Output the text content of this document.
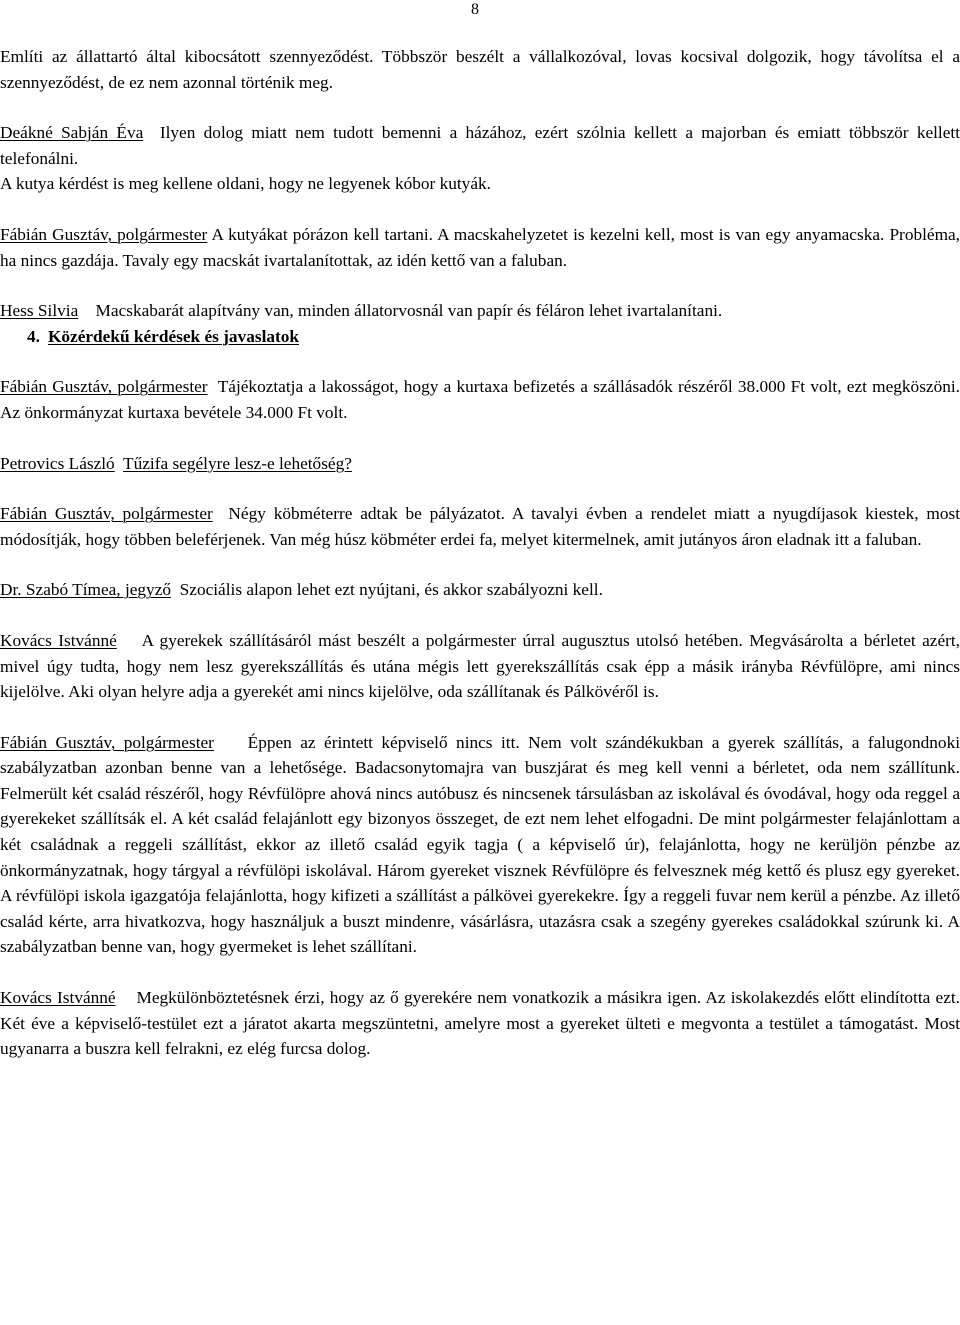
8

Említi az állattartó által kibocsátott szennyeződést. Többször beszélt a vállalkozóval, lovas kocsival dolgozik, hogy távolítsa el a szennyeződést, de ez nem azonnal történik meg.

Deákné Sabján Éva Ilyen dolog miatt nem tudott bemenni a házához, ezért szólnia kellett a majorban és emiatt többször kellett telefonálni.
A kutya kérdést is meg kellene oldani, hogy ne legyenek kóbor kutyák.

Fábián Gusztáv, polgármester A kutyákat pórázon kell tartani. A macskahelyzetet is kezelni kell, most is van egy anyamacska. Probléma, ha nincs gazdája. Tavaly egy macskát ivartalanítottak, az idén kettő van a faluban.

Hess Silvia Macskabarát alapítvány van, minden állatorvosnál van papír és féláron lehet ivartalanítani.

4. Közérdekű kérdések és javaslatok

Fábián Gusztáv, polgármester Tájékoztatja a lakosságot, hogy a kurtaxa befizetés a szállásadók részéről 38.000 Ft volt, ezt megköszöni. Az önkormányzat kurtaxa bevétele 34.000 Ft volt.

Petrovics László Tűzifa segélyre lesz-e lehetőség?

Fábián Gusztáv, polgármester Négy köbméterre adtak be pályázatot. A tavalyi évben a rendelet miatt a nyugdíjasok kiestek, most módosítják, hogy többen beleférjenek. Van még húsz köbméter erdei fa, melyet kitermelnek, amit jutányos áron eladnak itt a faluban.

Dr. Szabó Tímea, jegyző Szociális alapon lehet ezt nyújtani, és akkor szabályozni kell.

Kovács Istvánné A gyerekek szállításáról mást beszélt a polgármester úrral augusztus utolsó hetében. Megvásárolta a bérletet azért, mivel úgy tudta, hogy nem lesz gyerekszállítás és utána mégis lett gyerekszállítás csak épp a másik irányba Révfülöpre, ami nincs kijelölve. Aki olyan helyre adja a gyerekét ami nincs kijelölve, oda szállítanak és Pálkövéről is.

Fábián Gusztáv, polgármester Éppen az érintett képviselő nincs itt. Nem volt szándékukban a gyerek szállítás, a falugondnoki szabályzatban azonban benne van a lehetősége. Badacsonytomajra van buszjárat és meg kell venni a bérletet, oda nem szállítunk. Felmerült két család részéről, hogy Révfülöpre ahová nincs autóbusz és nincsenek társulásban az iskolával és óvodával, hogy oda reggel a gyerekeket szállítsák el. A két család felajánlott egy bizonyos összeget, de ezt nem lehet elfogadni. De mint polgármester felajánlottam a két családnak a reggeli szállítást, ekkor az illető család egyik tagja ( a képviselő úr), felajánlotta, hogy ne kerüljön pénzbe az önkormányzatnak, hogy tárgyal a révfülöpi iskolával. Három gyereket visznek Révfülöpre és felvesznek még kettő és plusz egy gyereket. A révfülöpi iskola igazgatója felajánlotta, hogy kifizeti a szállítást a pálkövei gyerekekre. Így a reggeli fuvar nem kerül a pénzbe. Az illető család kérte, arra hivatkozva, hogy használjuk a buszt mindenre, vásárlásra, utazásra csak a szegény gyerekes családokkal szúrunk ki. A szabályzatban benne van, hogy gyermeket is lehet szállítani.

Kovács Istvánné Megkülönböztetésnek érzi, hogy az ő gyerekére nem vonatkozik a másikra igen. Az iskolakezdés előtt elindította ezt. Két éve a képviselő-testület ezt a járatot akarta megszüntetni, amelyre most a gyereket ülteti e megvonta a testület a támogatást. Most ugyanarra a buszra kell felrakni, ez elég furcsa dolog.
